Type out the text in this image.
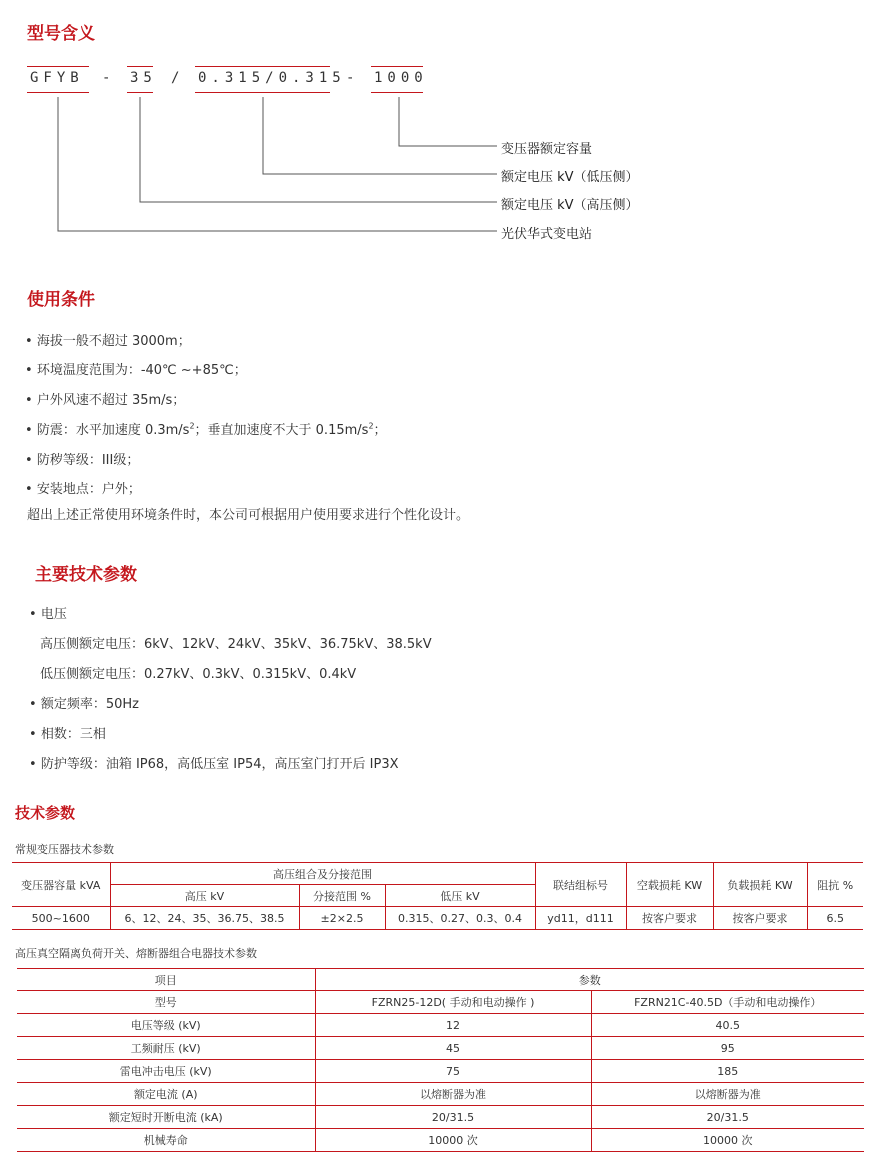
型号含义
GFYB - 35 / 0.315/0.315 - 1000
变压器额定容量
额定电压 kV（低压侧）
额定电压 kV（高压侧）
光伏华式变电站
使用条件
• 海拔一般不超过 3000m；
• 环境温度范围为：-40℃ ~+85℃；
• 户外风速不超过 35m/s；
• 防震：水平加速度 $0.3m/s^2$；垂直加速度不大于 $0.15m/s^2$；
• 防秽等级：III级；
• 安装地点：户外；
超出上述正常使用环境条件时，本公司可根据用户使用要求进行个性化设计。
主要技术参数
• 电压
高压侧额定电压：6kV、12kV、24kV、35kV、36.75kV、38.5kV
低压侧额定电压：0.27kV、0.3kV、0.315kV、0.4kV
• 额定频率：50Hz
• 相数：三相
• 防护等级：油箱 IP68，高低压室 IP54，高压室门打开后 IP3X
技术参数
常规变压器技术参数
变压器容量 kVA	高压组合及分接范围			联结组标号	空载损耗 KW	负载损耗 KW	阻抗 %
	高压 kV	分接范围 %	低压 kV				
500~1600	6、12、24、35、36.75、38.5	±2×2.5	0.315、0.27、0.3、0.4	yd11，d111	按客户要求	按客户要求	6.5
高压真空隔离负荷开关、熔断器组合电器技术参数
项目	参数	
型号	FZRN25-12D( 手动和电动操作 )	FZRN21C-40.5D（手动和电动操作）
电压等级 (kV)	12	40.5
工频耐压 (kV)	45	95
雷电冲击电压 (kV)	75	185
额定电流 (A)	以熔断器为准	以熔断器为准
额定短时开断电流 (kA)	20/31.5	20/31.5
机械寿命	10000 次	10000 次
